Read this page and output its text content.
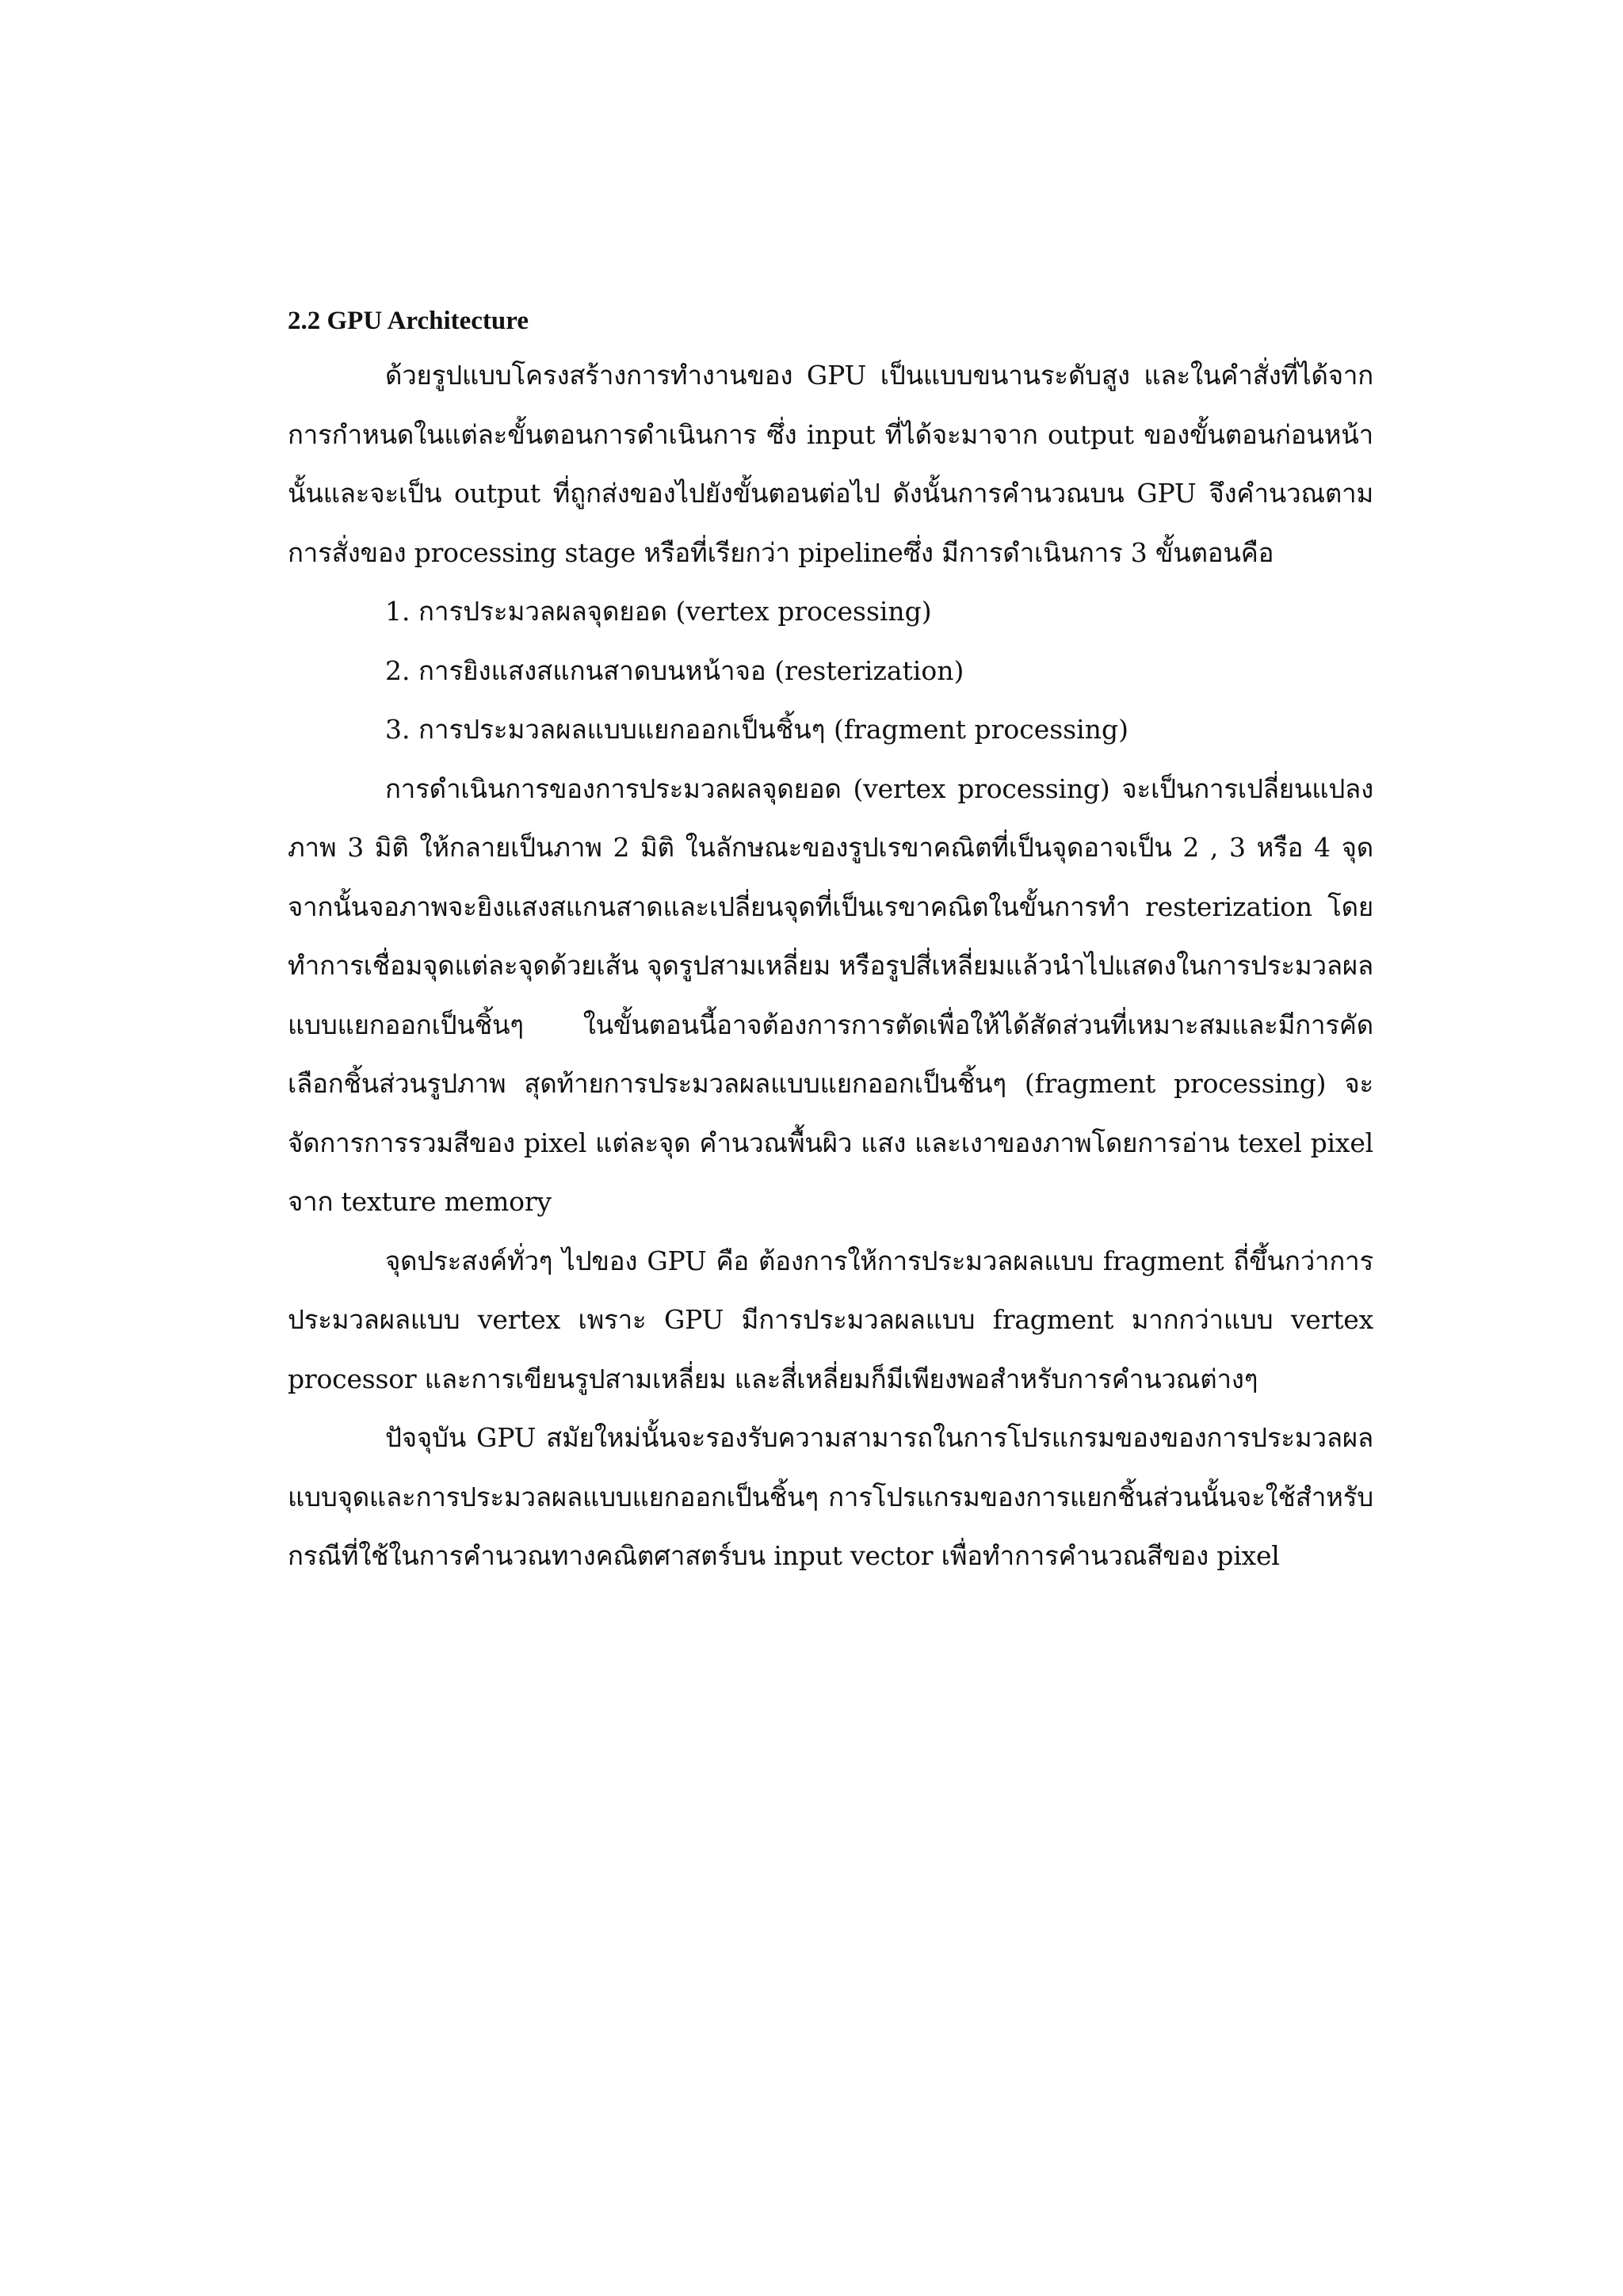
2.2 GPU Architecture

ด้วยรูปแบบโครงสร้างการทำงานของ GPU เป็นแบบขนานระดับสูง และในคำสั่งที่ได้จากการกำหนดในแต่ละขั้นตอนการดำเนินการ ซึ่ง input ที่ได้จะมาจาก output ของขั้นตอนก่อนหน้านั้นและจะเป็น output ที่ถูกส่งของไปยังขั้นตอนต่อไป ดังนั้นการคำนวณบน GPU จึงคำนวณตามการสั่งของ processing stage หรือที่เรียกว่า pipelineซึ่ง มีการดำเนินการ 3 ขั้นตอนคือ

1. การประมวลผลจุดยอด (vertex processing)
2. การยิงแสงสแกนสาดบนหน้าจอ (resterization)
3. การประมวลผลแบบแยกออกเป็นชิ้นๆ (fragment processing)

การดำเนินการของการประมวลผลจุดยอด (vertex processing) จะเป็นการเปลี่ยนแปลงภาพ 3 มิติ ให้กลายเป็นภาพ 2 มิติ ในลักษณะของรูปเรขาคณิตที่เป็นจุดอาจเป็น 2 , 3 หรือ 4 จุด จากนั้นจอภาพจะยิงแสงสแกนสาดและเปลี่ยนจุดที่เป็นเรขาคณิตในขั้นการทำ resterization โดยทำการเชื่อมจุดแต่ละจุดด้วยเส้น จุดรูปสามเหลี่ยม หรือรูปสี่เหลี่ยมแล้วนำไปแสดงในการประมวลผลแบบแยกออกเป็นชิ้นๆ ในขั้นตอนนี้อาจต้องการการตัดเพื่อให้ได้สัดส่วนที่เหมาะสมและมีการคัดเลือกชิ้นส่วนรูปภาพ สุดท้ายการประมวลผลแบบแยกออกเป็นชิ้นๆ (fragment processing) จะจัดการการรวมสีของ pixel แต่ละจุด คำนวณพื้นผิว แสง และเงาของภาพโดยการอ่าน texel pixel จาก texture memory

จุดประสงค์ทั่วๆ ไปของ GPU คือ ต้องการให้การประมวลผลแบบ fragment ถี่ขึ้นกว่าการประมวลผลแบบ vertex เพราะ GPU มีการประมวลผลแบบ fragment มากกว่าแบบ vertex processor และการเขียนรูปสามเหลี่ยม และสี่เหลี่ยมก็มีเพียงพอสำหรับการคำนวณต่างๆ

ปัจจุบัน GPU สมัยใหม่นั้นจะรองรับความสามารถในการโปรแกรมของของการประมวลผลแบบจุดและการประมวลผลแบบแยกออกเป็นชิ้นๆ การโปรแกรมของการแยกชิ้นส่วนนั้นจะใช้สำหรับกรณีที่ใช้ในการคำนวณทางคณิตศาสตร์บน input vector เพื่อทำการคำนวณสีของ pixel
